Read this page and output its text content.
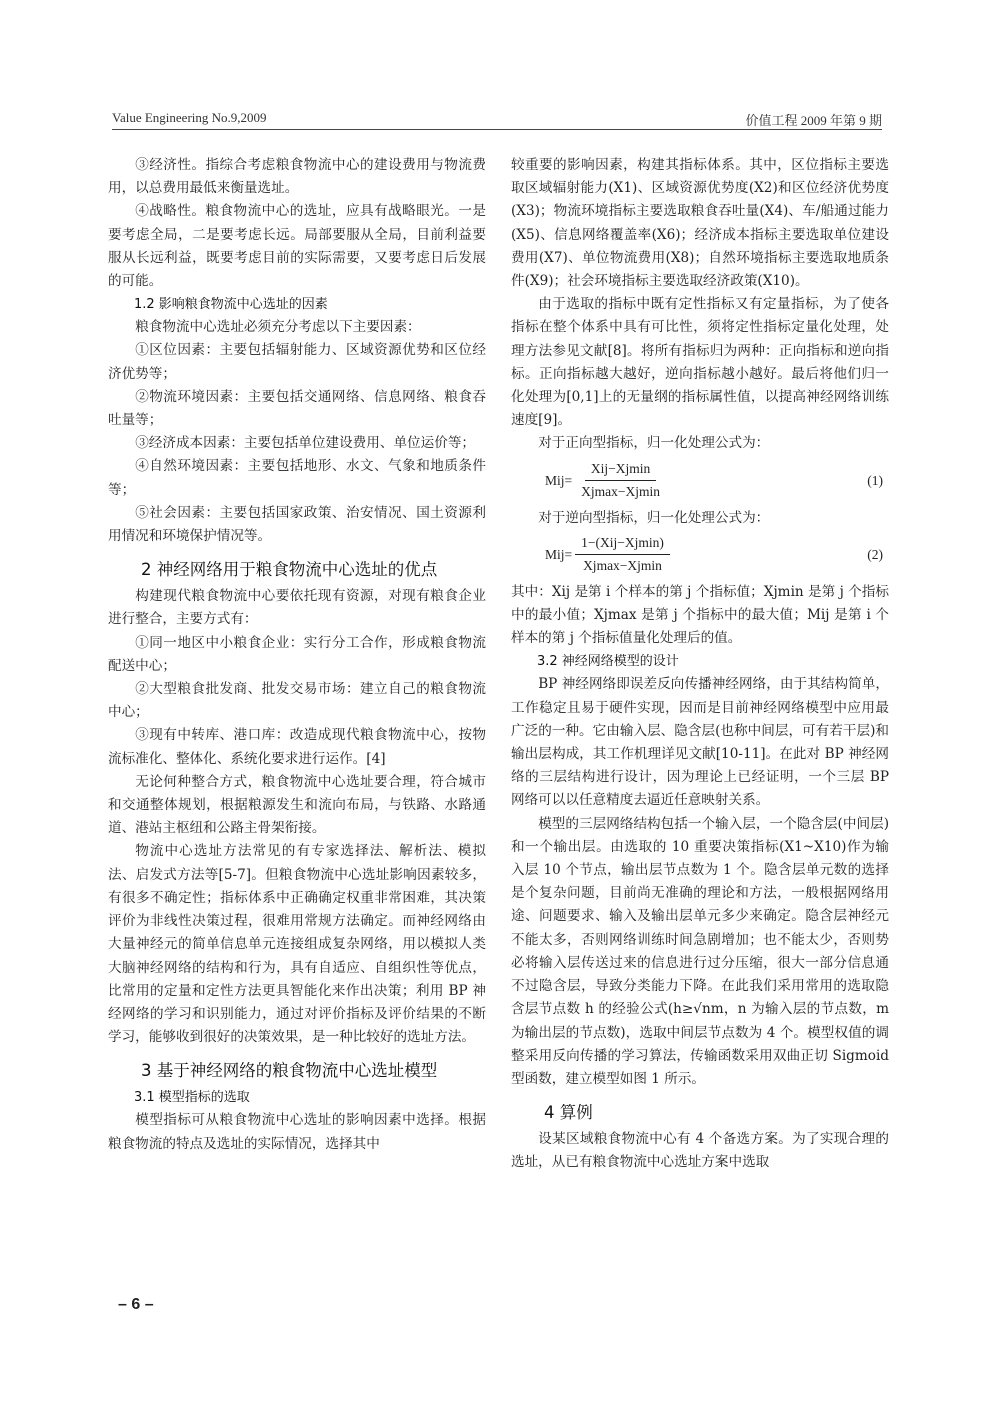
Value Engineering No.9,2009	价值工程 2009 年第 9 期

③经济性。指综合考虑粮食物流中心的建设费用与物流费用，以总费用最低来衡量选址。

④战略性。粮食物流中心的选址，应具有战略眼光。一是要考虑全局，二是要考虑长远。局部要服从全局，目前利益要服从长远利益，既要考虑目前的实际需要，又要考虑日后发展的可能。

1.2 影响粮食物流中心选址的因素

粮食物流中心选址必须充分考虑以下主要因素：

①区位因素：主要包括辐射能力、区域资源优势和区位经济优势等；

②物流环境因素：主要包括交通网络、信息网络、粮食吞吐量等；

③经济成本因素：主要包括单位建设费用、单位运价等；

④自然环境因素：主要包括地形、水文、气象和地质条件等；

⑤社会因素：主要包括国家政策、治安情况、国土资源利用情况和环境保护情况等。

2 神经网络用于粮食物流中心选址的优点

构建现代粮食物流中心要依托现有资源，对现有粮食企业进行整合，主要方式有：

①同一地区中小粮食企业：实行分工合作，形成粮食物流配送中心；

②大型粮食批发商、批发交易市场：建立自己的粮食物流中心；

③现有中转库、港口库：改造成现代粮食物流中心，按物流标准化、整体化、系统化要求进行运作。[4]

无论何种整合方式，粮食物流中心选址要合理，符合城市和交通整体规划，根据粮源发生和流向布局，与铁路、水路通道、港站主枢纽和公路主骨架衔接。

物流中心选址方法常见的有专家选择法、解析法、模拟法、启发式方法等[5-7]。但粮食物流中心选址影响因素较多，有很多不确定性；指标体系中正确确定权重非常困难，其决策评价为非线性决策过程，很难用常规方法确定。而神经网络由大量神经元的简单信息单元连接组成复杂网络，用以模拟人类大脑神经网络的结构和行为，具有自适应、自组织性等优点，比常用的定量和定性方法更具智能化来作出决策；利用 BP 神经网络的学习和识别能力，通过对评价指标及评价结果的不断学习，能够收到很好的决策效果，是一种比较好的选址方法。

3 基于神经网络的粮食物流中心选址模型

3.1 模型指标的选取

模型指标可从粮食物流中心选址的影响因素中选择。根据粮食物流的特点及选址的实际情况，选择其中

较重要的影响因素，构建其指标体系。其中，区位指标主要选取区域辐射能力(X1)、区域资源优势度(X2)和区位经济优势度(X3)；物流环境指标主要选取粮食吞吐量(X4)、车/船通过能力(X5)、信息网络覆盖率(X6)；经济成本指标主要选取单位建设费用(X7)、单位物流费用(X8)；自然环境指标主要选取地质条件(X9)；社会环境指标主要选取经济政策(X10)。

由于选取的指标中既有定性指标又有定量指标，为了使各指标在整个体系中具有可比性，须将定性指标定量化处理，处理方法参见文献[8]。将所有指标归为两种：正向指标和逆向指标。正向指标越大越好，逆向指标越小越好。最后将他们归一化处理为[0,1]上的无量纲的指标属性值，以提高神经网络训练速度[9]。

对于正向型指标，归一化处理公式为：

$Mij= \frac{\text{Xij−Xjmin}}{Xjmax-Xjmin}$	(1)

对于逆向型指标，归一化处理公式为：

$Mij= \frac{\text{1−(Xij−Xjmin)}}{Xjmax-Xjmin}$	(2)

其中：Xij 是第 i 个样本的第 j 个指标值；Xjmin 是第 j 个指标中的最小值；Xjmax 是第 j 个指标中的最大值；Mij 是第 i 个样本的第 j 个指标值量化处理后的值。

3.2 神经网络模型的设计

BP 神经网络即误差反向传播神经网络，由于其结构简单，工作稳定且易于硬件实现，因而是目前神经网络模型中应用最广泛的一种。它由输入层、隐含层(也称中间层，可有若干层)和输出层构成，其工作机理详见文献[10-11]。在此对 BP 神经网络的三层结构进行设计，因为理论上已经证明，一个三层 BP 网络可以以任意精度去逼近任意映射关系。

模型的三层网络结构包括一个输入层，一个隐含层(中间层)和一个输出层。由选取的 10 重要决策指标(X1~X10)作为输入层 10 个节点，输出层节点数为 1 个。隐含层单元数的选择是个复杂问题，目前尚无准确的理论和方法，一般根据网络用途、问题要求、输入及输出层单元多少来确定。隐含层神经元不能太多，否则网络训练时间急剧增加；也不能太少，否则势必将输入层传送过来的信息进行过分压缩，很大一部分信息通不过隐含层，导致分类能力下降。在此我们采用常用的选取隐含层节点数 h 的经验公式(h≥√nm，n 为输入层的节点数，m 为输出层的节点数)，选取中间层节点数为 4 个。模型权值的调整采用反向传播的学习算法，传输函数采用双曲正切 Sigmoid 型函数，建立模型如图 1 所示。

4 算例

设某区域粮食物流中心有 4 个备选方案。为了实现合理的选址，从已有粮食物流中心选址方案中选取

– 6 –
